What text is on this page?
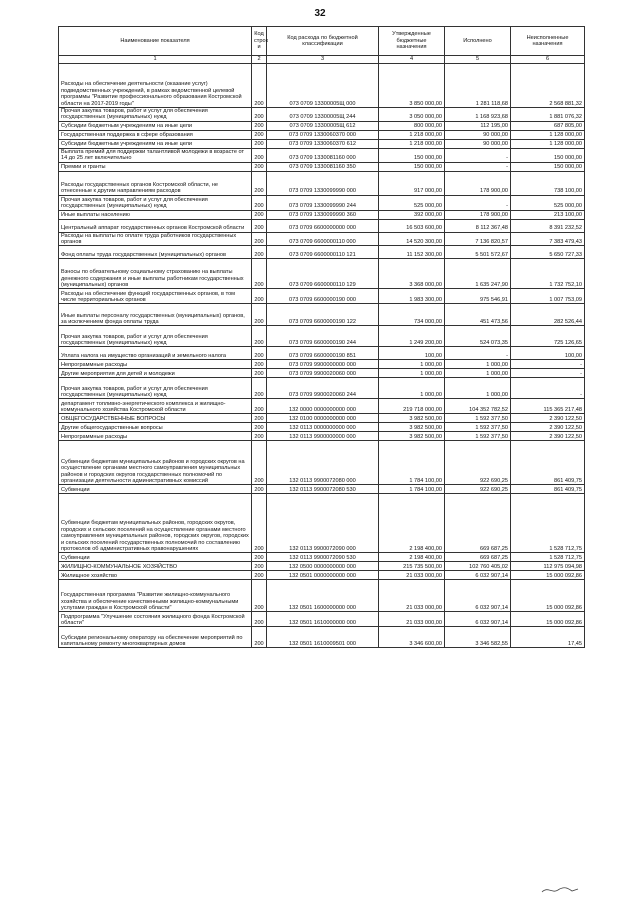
32
Наименование показателя	Код строк и	Код расхода по бюджетной классификации	Утвержденные бюджетные назначения	Исполнено	Неисполненные назначения
1	2	3	4	5	6
Расходы на обеспечение деятельности (оказание услуг) подведомственных учреждений, в рамках ведомственной целевой программы "Развитие профессионального образования Костромской области на 2017-2019 годы"	200	073 0709 13300005Щ 000	3 850 000,00	1 281 118,68	2 568 881,32
Прочая закупка товаров, работ и услуг для обеспечения государственных (муниципальных) нужд	200	073 0709 13300005Щ 244	3 050 000,00	1 168 923,68	1 881 076,32
Субсидии бюджетным учреждениям на иные цели	200	073 0709 13300005Щ 612	800 000,00	112 195,00	687 805,00
Государственная поддержка в сфере образования	200	073 0709 1330060370 000	1 218 000,00	90 000,00	1 128 000,00
Субсидии бюджетным учреждениям на иные цели	200	073 0709 1330060370 612	1 218 000,00	90 000,00	1 128 000,00
Выплата премий для поддержки талантливой молодежи в возрасте от 14 до 25 лет включительно	200	073 0709 1330081160 000	150 000,00	-	150 000,00
Премии и гранты	200	073 0709 1330081160 350	150 000,00	-	150 000,00
Расходы государственных органов Костромской области, не отнесенные к другим направлениям расходов	200	073 0709 1330099990 000	917 000,00	178 900,00	738 100,00
Прочая закупка товаров, работ и услуг для обеспечения государственных (муниципальных) нужд	200	073 0709 1330099990 244	525 000,00	-	525 000,00
Иные выплаты населению	200	073 0709 1330099990 360	392 000,00	178 900,00	213 100,00
Центральный аппарат государственных органов Костромской области	200	073 0709 6600000000 000	16 503 600,00	8 112 367,48	8 391 232,52
Расходы на выплаты по оплате труда работников государственных органов	200	073 0709 6600000110 000	14 520 300,00	7 136 820,57	7 383 479,43
Фонд оплаты труда государственных (муниципальных) органов	200	073 0709 6600000110 121	11 152 300,00	5 501 572,67	5 650 727,33
Взносы по обязательному социальному страхованию на выплаты денежного содержания и иные выплаты работникам государственных (муниципальных) органов	200	073 0709 6600000110 129	3 368 000,00	1 635 247,90	1 732 752,10
Расходы на обеспечение функций государственных органов, в том числе территориальных органов	200	073 0709 6600000190 000	1 983 300,00	975 546,91	1 007 753,09
Иные выплаты персоналу государственных (муниципальных) органов, за исключением фонда оплаты труда	200	073 0709 6600000190 122	734 000,00	451 473,56	282 526,44
Прочая закупка товаров, работ и услуг для обеспечения государственных (муниципальных) нужд	200	073 0709 6600000190 244	1 249 200,00	524 073,35	725 126,65
Уплата налога на имущество организаций и земельного налога	200	073 0709 6600000190 851	100,00	-	100,00
Непрограммные расходы	200	073 0709 9900000000 000	1 000,00	1 000,00	-
Другие мероприятия для детей и молодежи	200	073 0709 9900020060 000	1 000,00	1 000,00	-
Прочая закупка товаров, работ и услуг для обеспечения государственных (муниципальных) нужд	200	073 0709 9900020060 244	1 000,00	1 000,00	-
департамент топливно-энергетического комплекса и жилищно-коммунального хозяйства Костромской области	200	132 0000 0000000000 000	219 718 000,00	104 352 782,52	115 365 217,48
ОБЩЕГОСУДАРСТВЕННЫЕ ВОПРОСЫ	200	132 0100 0000000000 000	3 982 500,00	1 592 377,50	2 390 122,50
Другие общегосударственные вопросы	200	132 0113 0000000000 000	3 982 500,00	1 592 377,50	2 390 122,50
Непрограммные расходы	200	132 0113 9900000000 000	3 982 500,00	1 592 377,50	2 390 122,50
Субвенции бюджетам муниципальных районов и городских округов на осуществление органами местного самоуправления муниципальных районов и городских округов государственных полномочий по организации деятельности административных комиссий	200	132 0113 9900072080 000	1 784 100,00	922 690,25	861 409,75
Субвенции	200	132 0113 9900072080 530	1 784 100,00	922 690,25	861 409,75
Субвенции бюджетам муниципальных районов, городских округов, городских и сельских поселений на осуществление органами местного самоуправления муниципальных районов, городских округов, городских и сельских поселений государственных полномочий по составлению протоколов об административных правонарушениях	200	132 0113 9900072090 000	2 198 400,00	669 687,25	1 528 712,75
Субвенции	200	132 0113 9900072090 530	2 198 400,00	669 687,25	1 528 712,75
ЖИЛИЩНО-КОММУНАЛЬНОЕ ХОЗЯЙСТВО	200	132 0500 0000000000 000	215 735 500,00	102 760 405,02	112 975 094,98
Жилищное хозяйство	200	132 0501 0000000000 000	21 033 000,00	6 032 907,14	15 000 092,86
Государственная программа "Развитие жилищно-коммунального хозяйства и обеспечение качественными жилищно-коммунальными услугами граждан в Костромской области"	200	132 0501 1600000000 000	21 033 000,00	6 032 907,14	15 000 092,86
Подпрограмма "Улучшение состояния жилищного фонда Костромской области"	200	132 0501 1610000000 000	21 033 000,00	6 032 907,14	15 000 092,86
Субсидии региональному оператору на обеспечение мероприятий по капитальному ремонту многоквартирных домов	200	132 0501 1610009501 000	3 346 600,00	3 346 582,55	17,45
